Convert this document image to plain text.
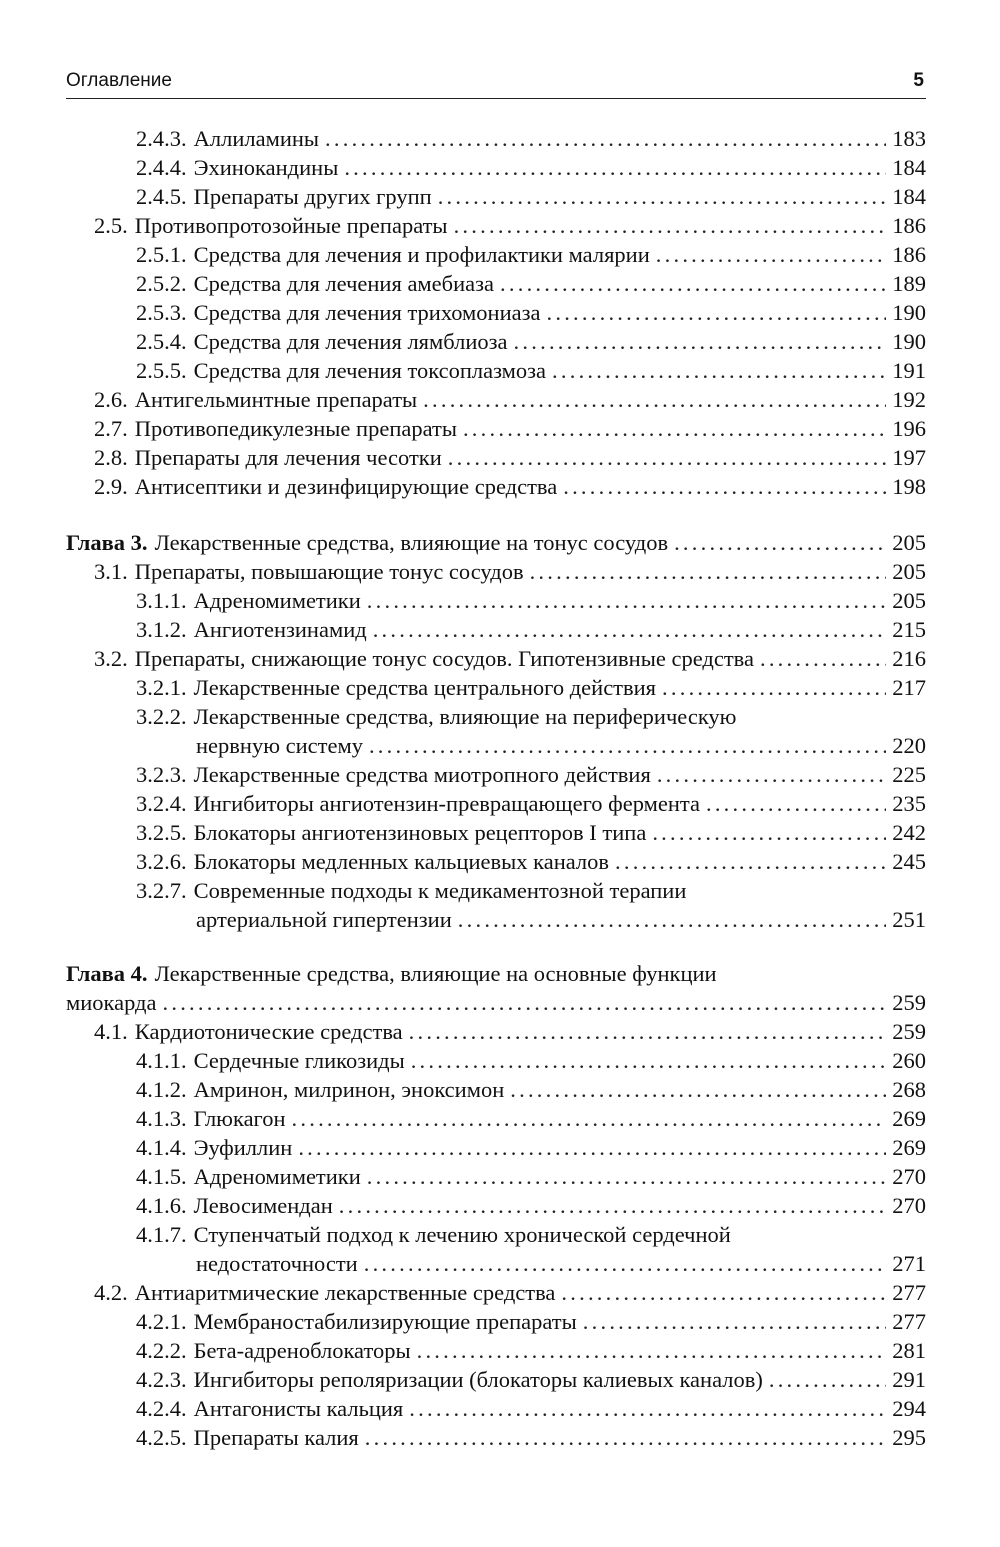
Оглавление	5
2.4.3. Аллиламины . . .	183
2.4.4. Эхинокандины . . .	184
2.4.5. Препараты других групп . . .	184
2.5. Противопротозойные препараты . . .	186
2.5.1. Средства для лечения и профилактики малярии . . .	186
2.5.2. Средства для лечения амебиаза . . .	189
2.5.3. Средства для лечения трихомониаза . . .	190
2.5.4. Средства для лечения лямблиоза . . .	190
2.5.5. Средства для лечения токсоплазмоза . . .	191
2.6. Антигельминтные препараты . . .	192
2.7. Противопедикулезные препараты . . .	196
2.8. Препараты для лечения чесотки . . .	197
2.9. Антисептики и дезинфицирующие средства . . .	198
Глава 3. Лекарственные средства, влияющие на тонус сосудов . . .	205
3.1. Препараты, повышающие тонус сосудов . . .	205
3.1.1. Адреномиметики . . .	205
3.1.2. Ангиотензинамид . . .	215
3.2. Препараты, снижающие тонус сосудов. Гипотензивные средства . . .	216
3.2.1. Лекарственные средства центрального действия . . .	217
3.2.2. Лекарственные средства, влияющие на периферическую
нервную систему . . .	220
3.2.3. Лекарственные средства миотропного действия . . .	225
3.2.4. Ингибиторы ангиотензин-превращающего фермента . . .	235
3.2.5. Блокаторы ангиотензиновых рецепторов I типа . . .	242
3.2.6. Блокаторы медленных кальциевых каналов . . .	245
3.2.7. Современные подходы к медикаментозной терапии
артериальной гипертензии . . .	251
Глава 4. Лекарственные средства, влияющие на основные функции
миокарда . . .	259
4.1. Кардиотонические средства . . .	259
4.1.1. Сердечные гликозиды . . .	260
4.1.2. Амринон, милринон, эноксимон . . .	268
4.1.3. Глюкагон . . .	269
4.1.4. Эуфиллин . . .	269
4.1.5. Адреномиметики . . .	270
4.1.6. Левосимендан . . .	270
4.1.7. Ступенчатый подход к лечению хронической сердечной
недостаточности . . .	271
4.2. Антиаритмические лекарственные средства . . .	277
4.2.1. Мембраностабилизирующие препараты . . .	277
4.2.2. Бета-адреноблокаторы . . .	281
4.2.3. Ингибиторы реполяризации (блокаторы калиевых каналов) . . .	291
4.2.4. Антагонисты кальция . . .	294
4.2.5. Препараты калия . . .	295
